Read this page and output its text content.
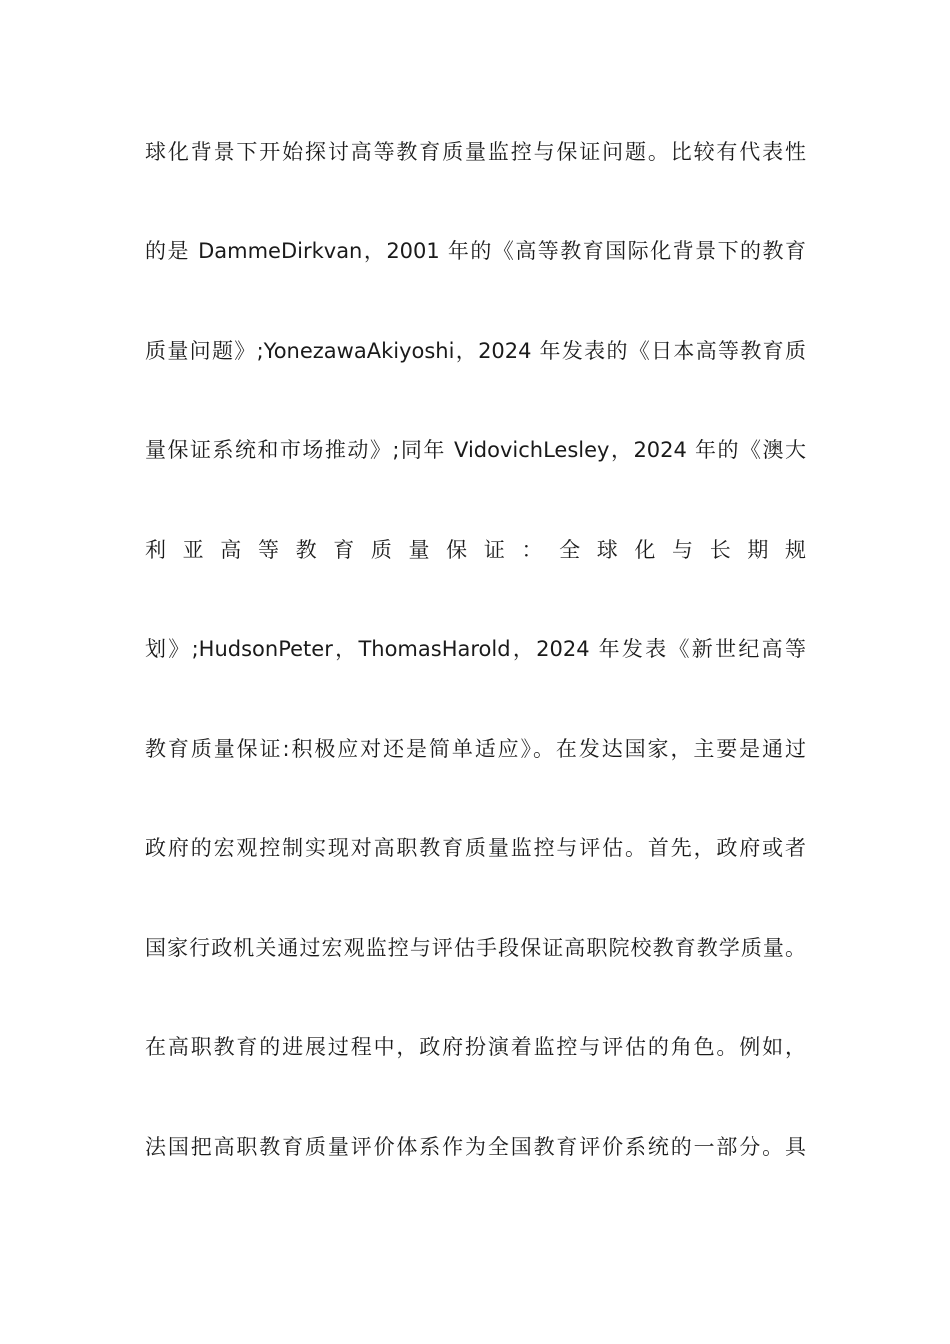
球化背景下开始探讨高等教育质量监控与保证问题。比较有代表性
的是 DammeDirkvan，2001 年的《高等教育国际化背景下的教育
质量问题》;YonezawaAkiyoshi，2024 年发表的《日本高等教育质
量保证系统和市场推动》;同年 VidovichLesley，2024 年的《澳大
利亚高等教育质量保证：全球化与长期规
划》;HudsonPeter，ThomasHarold，2024 年发表《新世纪高等
教育质量保证:积极应对还是简单适应》。在发达国家，主要是通过
政府的宏观控制实现对高职教育质量监控与评估。首先，政府或者
国家行政机关通过宏观监控与评估手段保证高职院校教育教学质量。
在高职教育的进展过程中，政府扮演着监控与评估的角色。例如，
法国把高职教育质量评价体系作为全国教育评价系统的一部分。具
